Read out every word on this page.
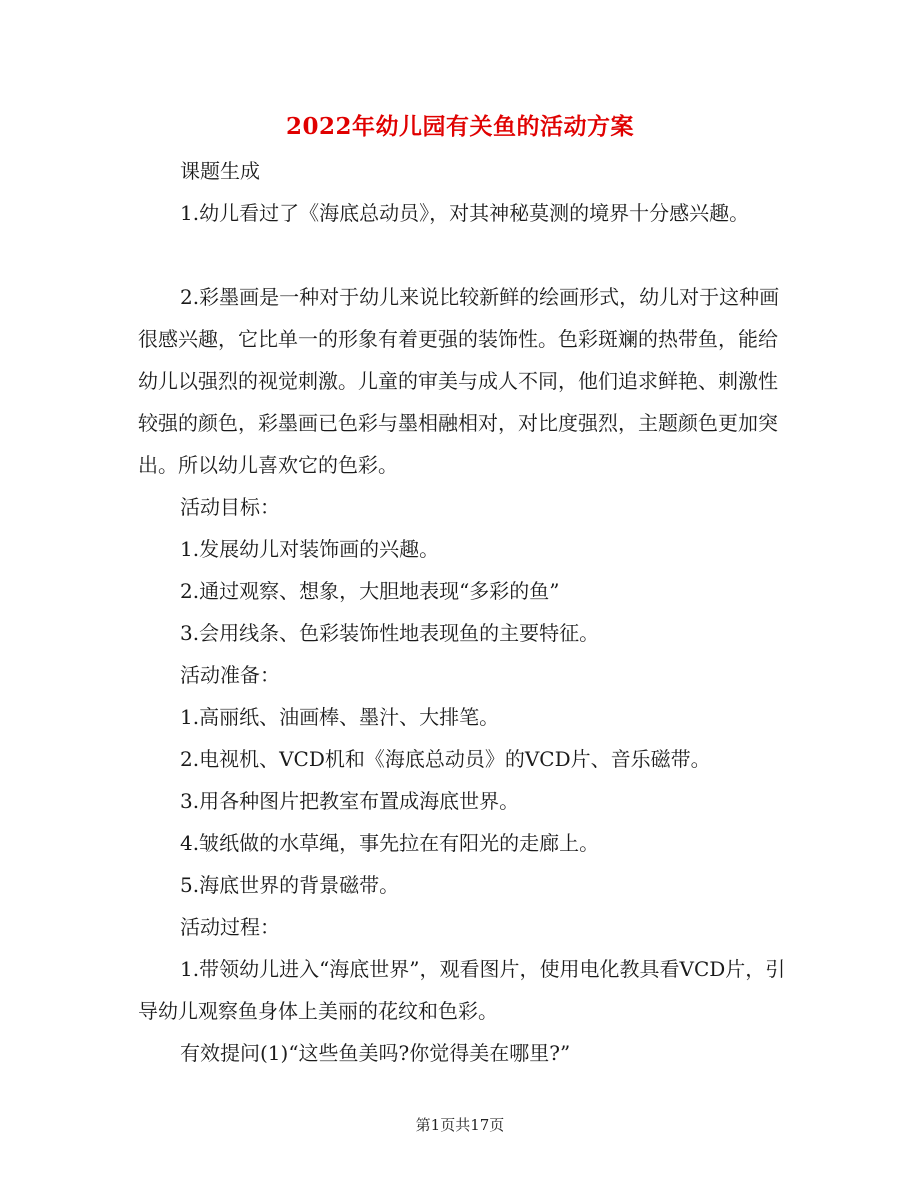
2022年幼儿园有关鱼的活动方案

课题生成

1.幼儿看过了《海底总动员》，对其神秘莫测的境界十分感兴趣。

2.彩墨画是一种对于幼儿来说比较新鲜的绘画形式，幼儿对于这种画很感兴趣，它比单一的形象有着更强的装饰性。色彩斑斓的热带鱼，能给幼儿以强烈的视觉刺激。儿童的审美与成人不同，他们追求鲜艳、刺激性较强的颜色，彩墨画已色彩与墨相融相对，对比度强烈，主题颜色更加突出。所以幼儿喜欢它的色彩。

活动目标：

1.发展幼儿对装饰画的兴趣。

2.通过观察、想象，大胆地表现“多彩的鱼”

3.会用线条、色彩装饰性地表现鱼的主要特征。

活动准备：

1.高丽纸、油画棒、墨汁、大排笔。

2.电视机、VCD机和《海底总动员》的VCD片、音乐磁带。

3.用各种图片把教室布置成海底世界。

4.皱纸做的水草绳，事先拉在有阳光的走廊上。

5.海底世界的背景磁带。

活动过程：

1.带领幼儿进入“海底世界”，观看图片，使用电化教具看VCD片，引导幼儿观察鱼身体上美丽的花纹和色彩。

有效提问(1)“这些鱼美吗?你觉得美在哪里?”

第1页共17页
